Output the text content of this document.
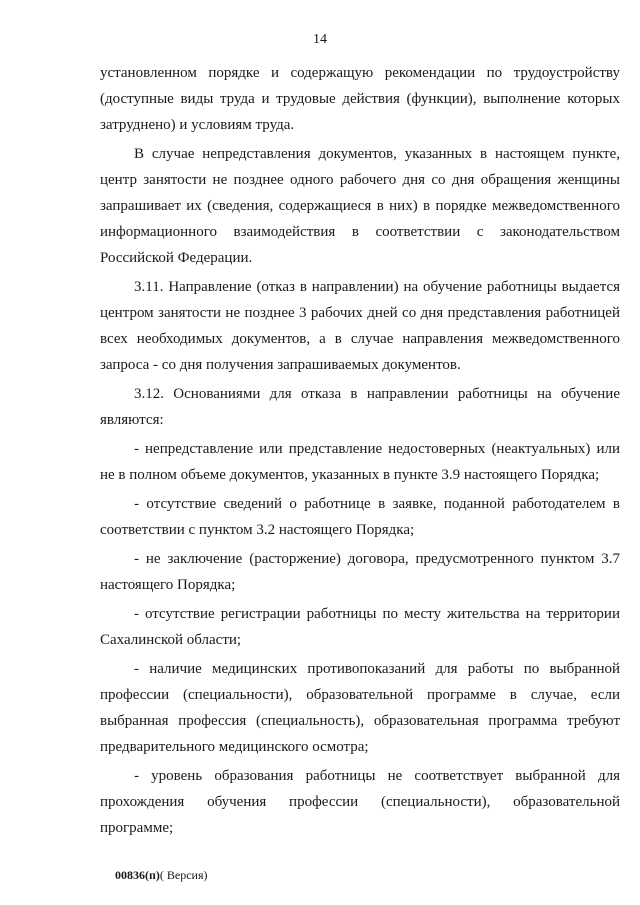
14

установленном порядке и содержащую рекомендации по трудоустройству (доступные виды труда и трудовые действия (функции), выполнение которых затруднено) и условиям труда.

В случае непредставления документов, указанных в настоящем пункте, центр занятости не позднее одного рабочего дня со дня обращения женщины запрашивает их (сведения, содержащиеся в них) в порядке межведомственного информационного взаимодействия в соответствии с законодательством Российской Федерации.

3.11. Направление (отказ в направлении) на обучение работницы выдается центром занятости не позднее 3 рабочих дней со дня представления работницей всех необходимых документов, а в случае направления межведомственного запроса - со дня получения запрашиваемых документов.

3.12. Основаниями для отказа в направлении работницы на обучение являются:

- непредставление или представление недостоверных (неактуальных) или не в полном объеме документов, указанных в пункте 3.9 настоящего Порядка;

- отсутствие сведений о работнице в заявке, поданной работодателем в соответствии с пунктом 3.2 настоящего Порядка;

- не заключение (расторжение) договора, предусмотренного пунктом 3.7 настоящего Порядка;

- отсутствие регистрации работницы по месту жительства на территории Сахалинской области;

- наличие медицинских противопоказаний для работы по выбранной профессии (специальности), образовательной программе в случае, если выбранная профессия (специальность), образовательная программа требуют предварительного медицинского осмотра;

- уровень образования работницы не соответствует выбранной для прохождения обучения профессии (специальности), образовательной программе;

00836(п)( Версия)
